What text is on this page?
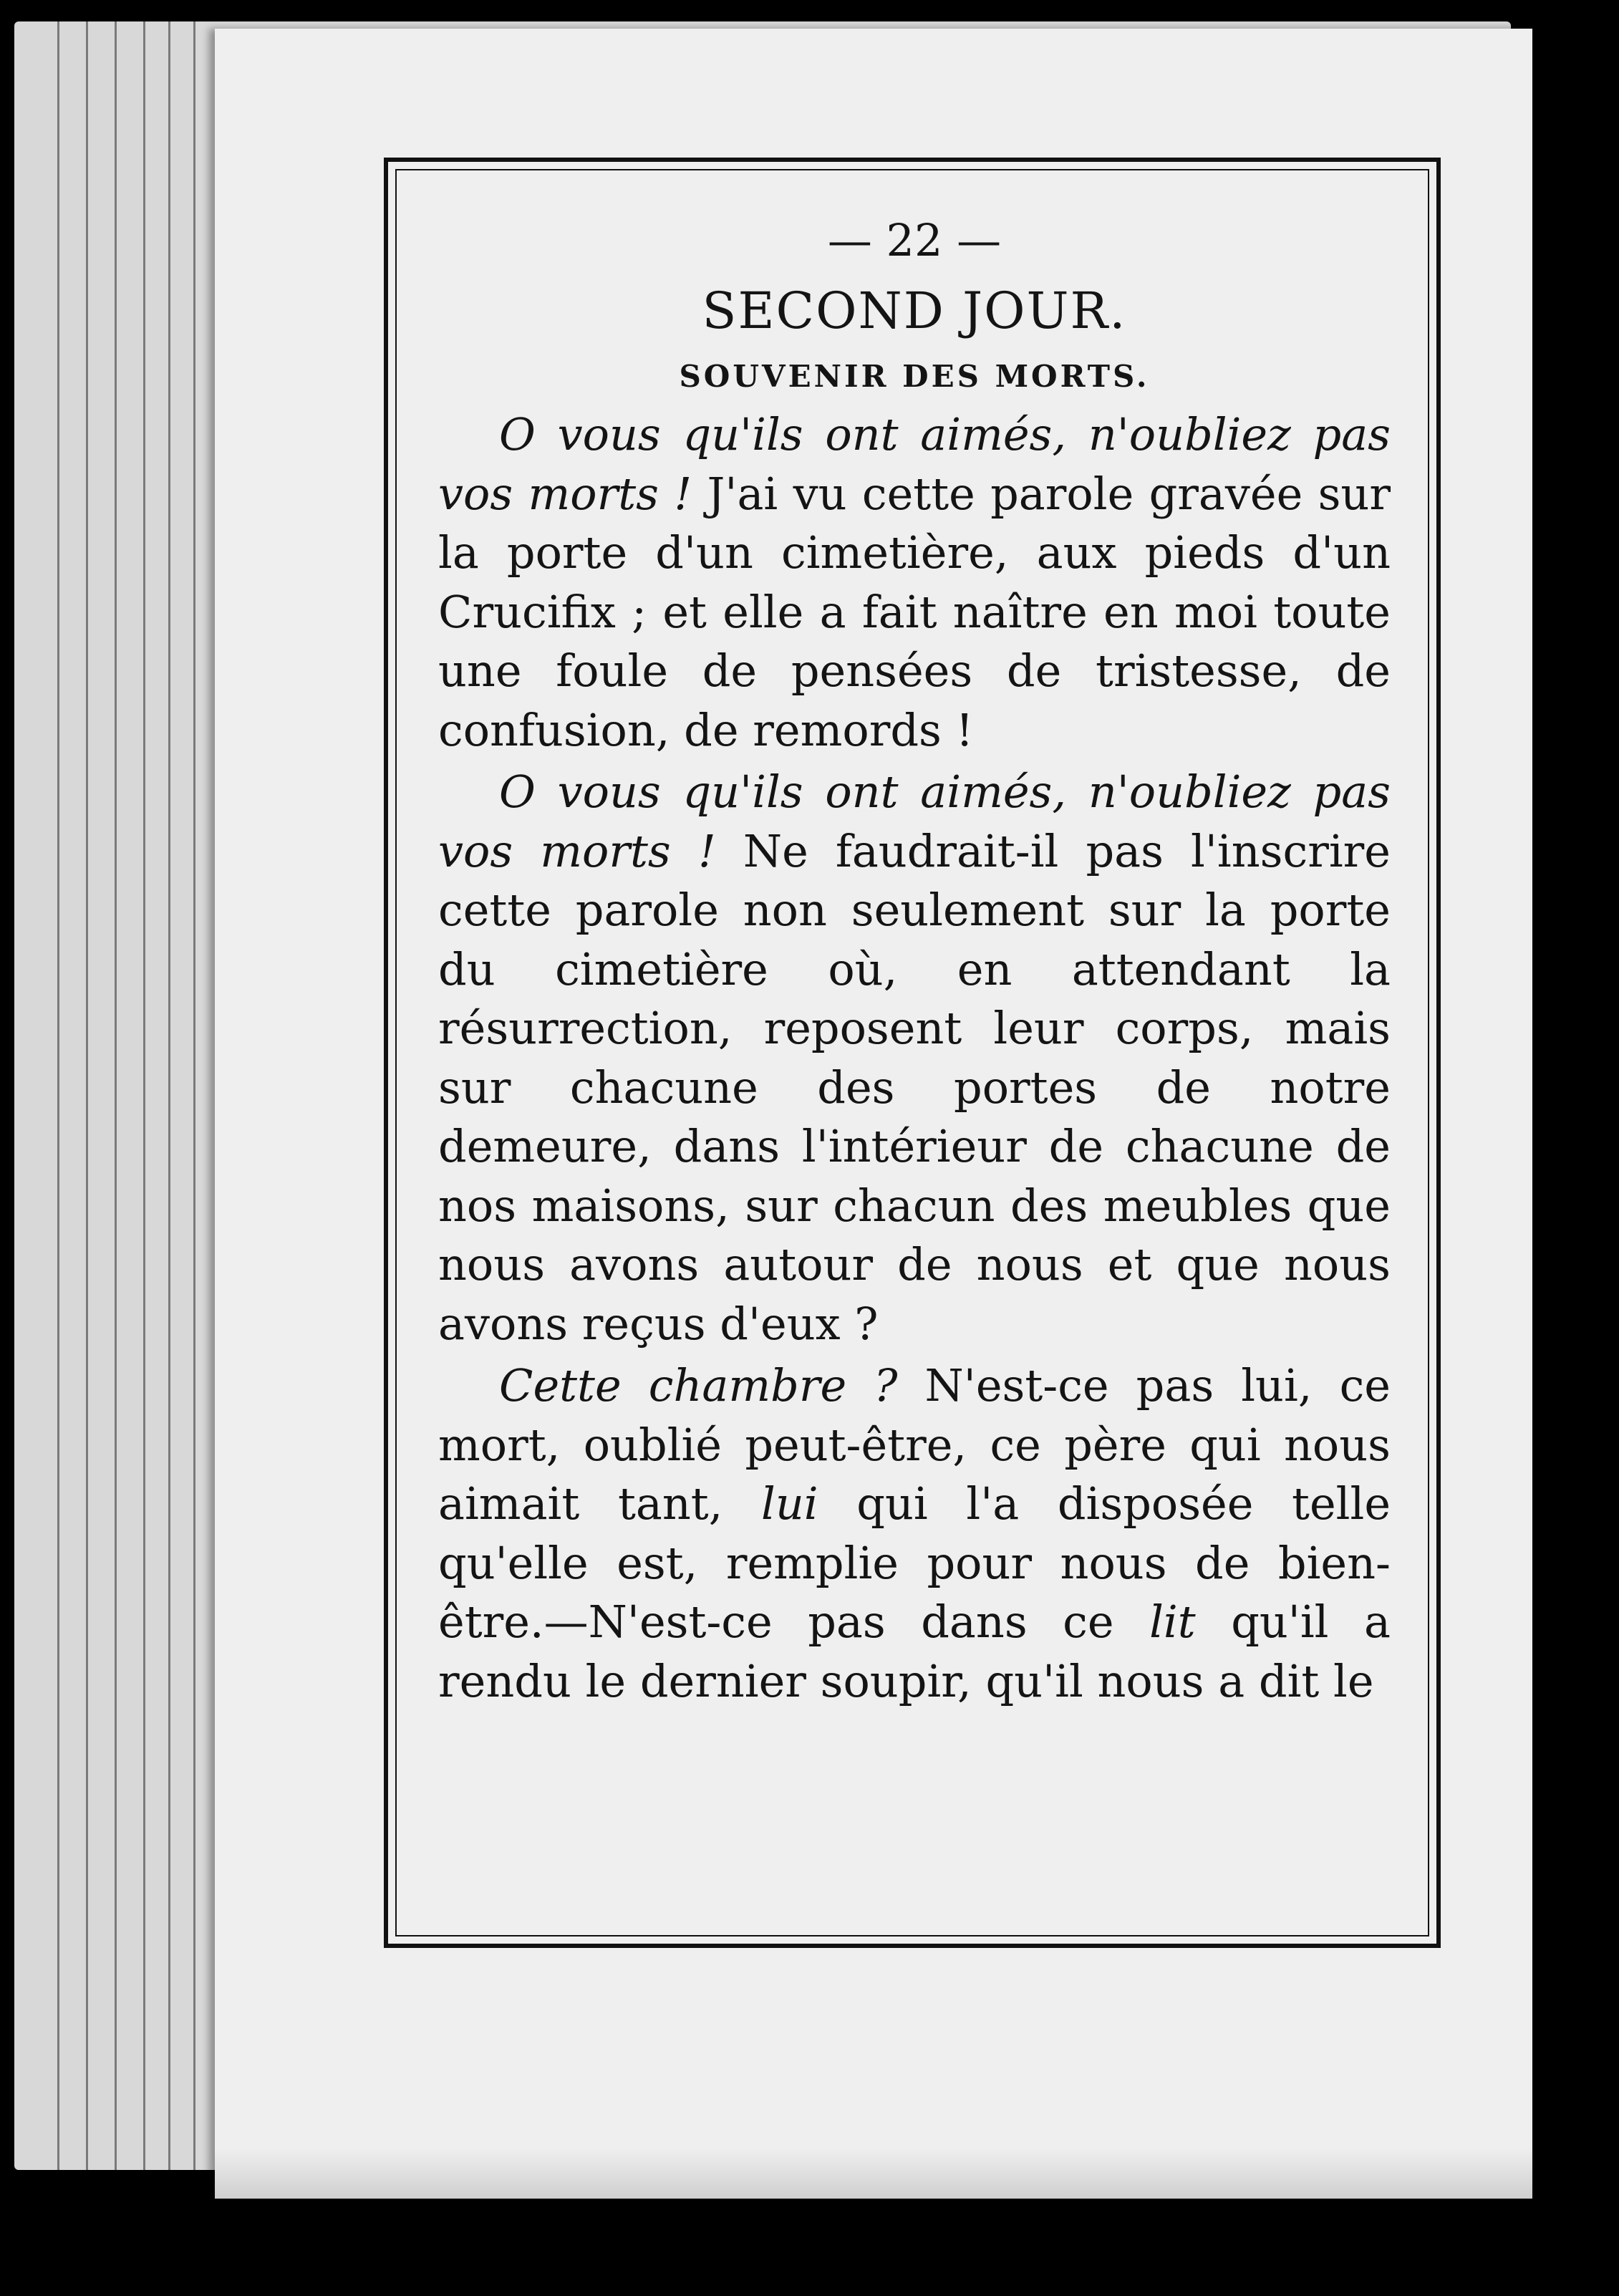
— 22 —
SECOND JOUR.
SOUVENIR DES MORTS.

O vous qu'ils ont aimés, n'oubliez pas vos morts ! J'ai vu cette parole gravée sur la porte d'un cimetière, aux pieds d'un Crucifix ; et elle a fait naître en moi toute une foule de pensées de tristesse, de confusion, de remords !

O vous qu'ils ont aimés, n'oubliez pas vos morts ! Ne faudrait-il pas l'inscrire cette parole non seulement sur la porte du cimetière où, en attendant la résurrection, reposent leur corps, mais sur chacune des portes de notre demeure, dans l'intérieur de chacune de nos maisons, sur chacun des meubles que nous avons autour de nous et que nous avons reçus d'eux ?

Cette chambre ? N'est-ce pas lui, ce mort, oublié peut-être, ce père qui nous aimait tant, lui qui l'a disposée telle qu'elle est, remplie pour nous de bien-être.—N'est-ce pas dans ce lit qu'il a rendu le dernier soupir, qu'il nous a dit le
